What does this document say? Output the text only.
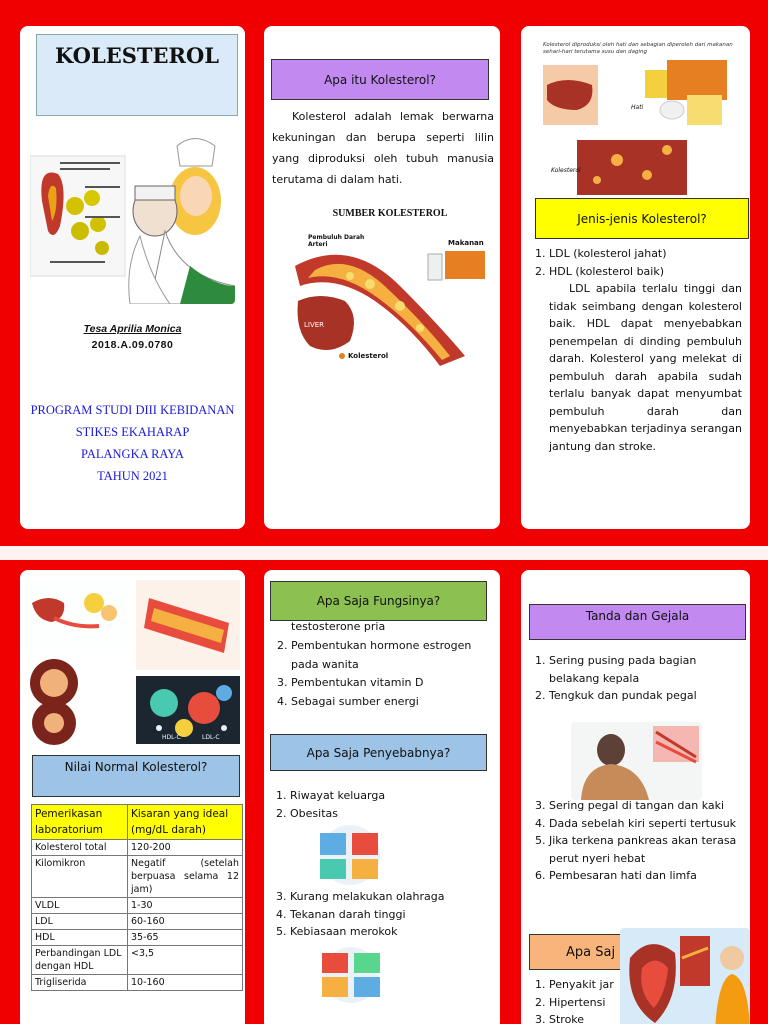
KOLESTEROL
Tesa Aprilia Monica
2018.A.09.0780
PROGRAM STUDI DIII KEBIDANAN
STIKES EKAHARAP
PALANGKA RAYA
TAHUN 2021
Apa itu Kolesterol?
Kolesterol adalah lemak berwarna kekuningan dan berupa seperti lilin yang diproduksi oleh tubuh manusia terutama di dalam hati.
SUMBER KOLESTEROL
Pembuluh Darah Arteri	Makanan
LIVER
Kolesterol
Kolesterol diproduksi oleh hati dan sebagian diperoleh dari makanan sehari-hari terutama susu dan daging
Hati
Kolesterol
Jenis-jenis Kolesterol?
1. LDL (kolesterol jahat)
2. HDL (kolesterol baik)
LDL apabila terlalu tinggi dan tidak seimbang dengan kolesterol baik. HDL dapat menyebabkan penempelan di dinding pembuluh darah. Kolesterol yang melekat di pembuluh darah apabila sudah terlalu banyak dapat menyumbat pembuluh darah dan menyebabkan terjadinya serangan jantung dan stroke.
HDL-C	LDL-C
Nilai Normal Kolesterol?
Pemerikasan laboratorium	Kisaran yang ideal (mg/dL darah)
Kolesterol total	120-200
Kilomikron	Negatif (setelah berpuasa selama 12 jam)
VLDL	1-30
LDL	60-160
HDL	35-65
Perbandingan LDL dengan HDL	<3,5
Trigliserida	10-160
Apa Saja Fungsinya?
testosterone pria
2. Pembentukan hormone estrogen pada wanita
3. Pembentukan vitamin D
4. Sebagai sumber energi
Apa Saja Penyebabnya?
1. Riwayat keluarga
2. Obesitas
3. Kurang melakukan olahraga
4. Tekanan darah tinggi
5. Kebiasaan merokok
Tanda dan Gejala
1. Sering pusing pada bagian belakang kepala
2. Tengkuk dan pundak pegal
3. Sering pegal di tangan dan kaki
4. Dada sebelah kiri seperti tertusuk
5. Jika terkena pankreas akan terasa perut nyeri hebat
6. Pembesaran hati dan limfa
Apa Saj
1. Penyakit jar
2. Hipertensi
3. Stroke
